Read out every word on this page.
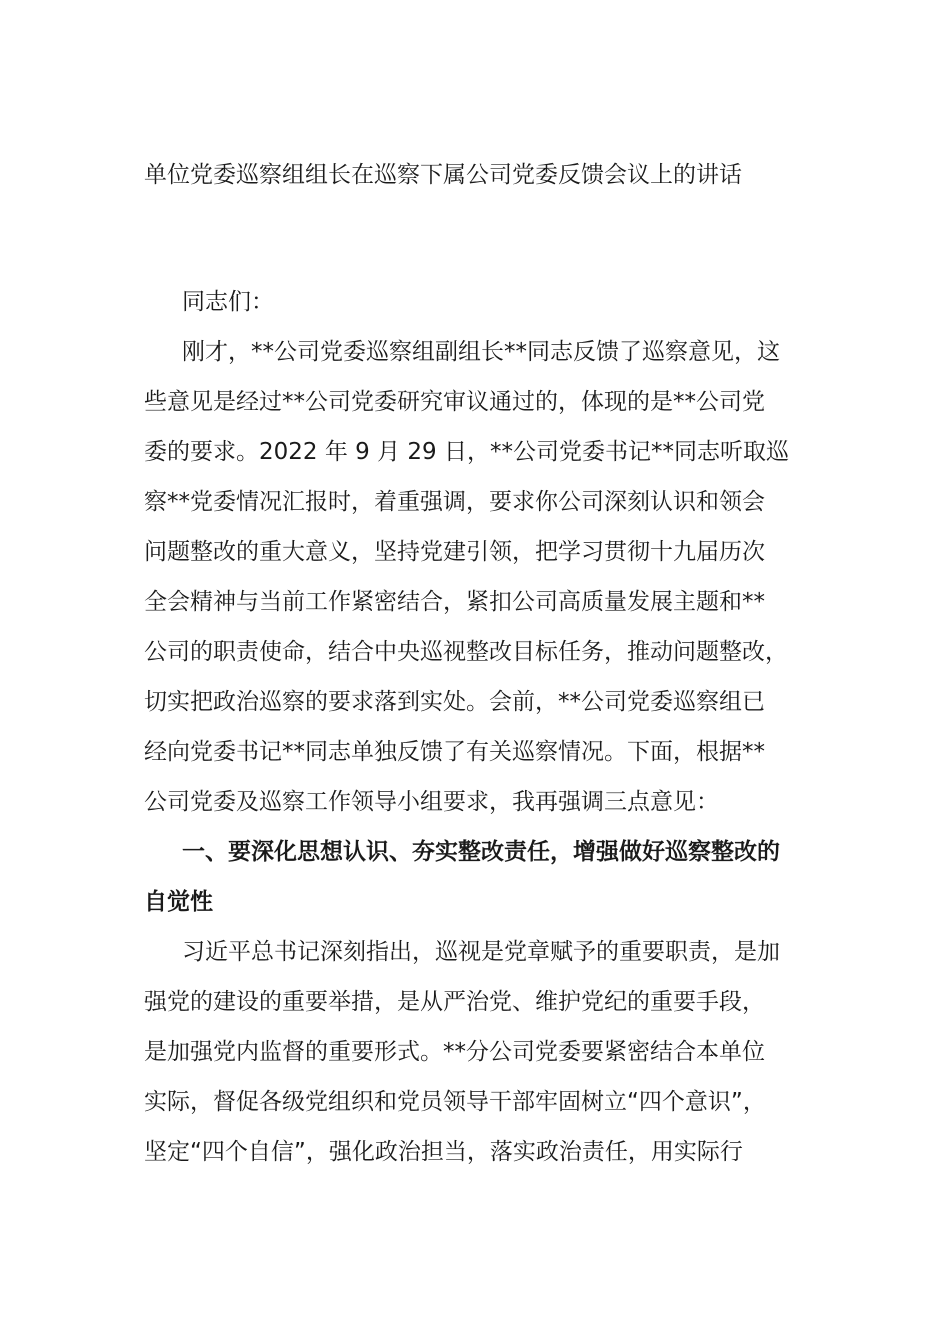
单位党委巡察组组长在巡察下属公司党委反馈会议上的讲话
同志们：
刚才，**公司党委巡察组副组长**同志反馈了巡察意见，这
些意见是经过**公司党委研究审议通过的，体现的是**公司党
委的要求。2022 年 9 月 29 日，**公司党委书记**同志听取巡
察**党委情况汇报时，着重强调，要求你公司深刻认识和领会
问题整改的重大意义，坚持党建引领，把学习贯彻十九届历次
全会精神与当前工作紧密结合，紧扣公司高质量发展主题和**
公司的职责使命，结合中央巡视整改目标任务，推动问题整改，
切实把政治巡察的要求落到实处。会前，**公司党委巡察组已
经向党委书记**同志单独反馈了有关巡察情况。下面，根据**
公司党委及巡察工作领导小组要求，我再强调三点意见：
一、要深化思想认识、夯实整改责任，增强做好巡察整改的
自觉性
习近平总书记深刻指出，巡视是党章赋予的重要职责，是加
强党的建设的重要举措，是从严治党、维护党纪的重要手段，
是加强党内监督的重要形式。**分公司党委要紧密结合本单位
实际，督促各级党组织和党员领导干部牢固树立“四个意识”，
坚定“四个自信”，强化政治担当，落实政治责任，用实际行
